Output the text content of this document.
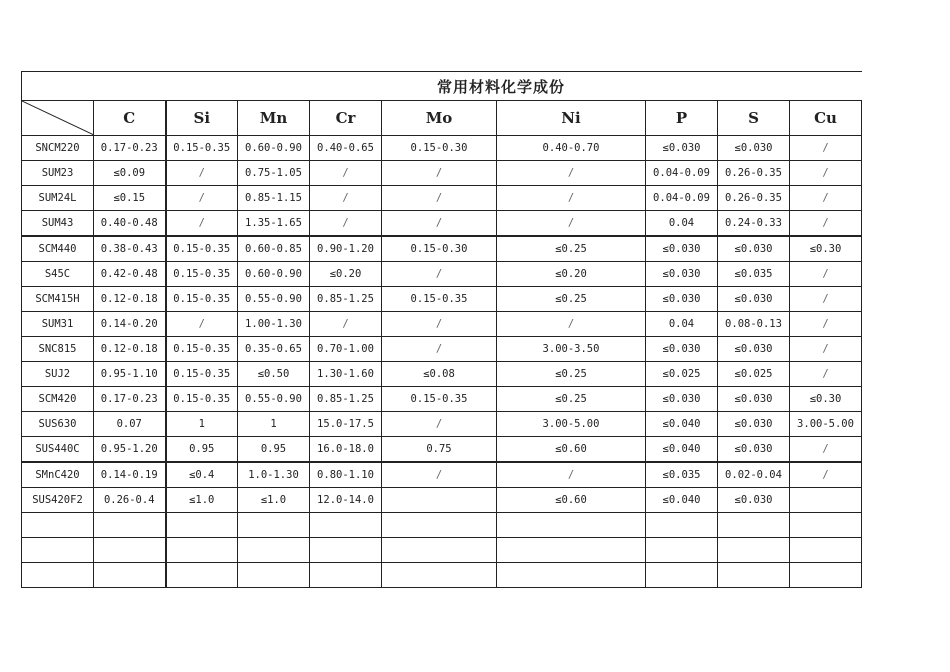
常用材料化学成份									

	C	Si	Mn	Cr	Mo	Ni	P	S	Cu
SNCM220	0.17-0.23	0.15-0.35	0.60-0.90	0.40-0.65	0.15-0.30	0.40-0.70	≤0.030	≤0.030	/
SUM23	≤0.09	/	0.75-1.05	/	/	/	0.04-0.09	0.26-0.35	/
SUM24L	≤0.15	/	0.85-1.15	/	/	/	0.04-0.09	0.26-0.35	/
SUM43	0.40-0.48	/	1.35-1.65	/	/	/	0.04	0.24-0.33	/
SCM440	0.38-0.43	0.15-0.35	0.60-0.85	0.90-1.20	0.15-0.30	≤0.25	≤0.030	≤0.030	≤0.30
S45C	0.42-0.48	0.15-0.35	0.60-0.90	≤0.20	/	≤0.20	≤0.030	≤0.035	/
SCM415H	0.12-0.18	0.15-0.35	0.55-0.90	0.85-1.25	0.15-0.35	≤0.25	≤0.030	≤0.030	/
SUM31	0.14-0.20	/	1.00-1.30	/	/	/	0.04	0.08-0.13	/
SNC815	0.12-0.18	0.15-0.35	0.35-0.65	0.70-1.00	/	3.00-3.50	≤0.030	≤0.030	/
SUJ2	0.95-1.10	0.15-0.35	≤0.50	1.30-1.60	≤0.08	≤0.25	≤0.025	≤0.025	/
SCM420	0.17-0.23	0.15-0.35	0.55-0.90	0.85-1.25	0.15-0.35	≤0.25	≤0.030	≤0.030	≤0.30
SUS630	0.07	1	1	15.0-17.5	/	3.00-5.00	≤0.040	≤0.030	3.00-5.00
SUS440C	0.95-1.20	0.95	0.95	16.0-18.0	0.75	≤0.60	≤0.040	≤0.030	/
SMnC420	0.14-0.19	≤0.4	1.0-1.30	0.80-1.10	/	/	≤0.035	0.02-0.04	/
SUS420F2	0.26-0.4	≤1.0	≤1.0	12.0-14.0		≤0.60	≤0.040	≤0.030	
